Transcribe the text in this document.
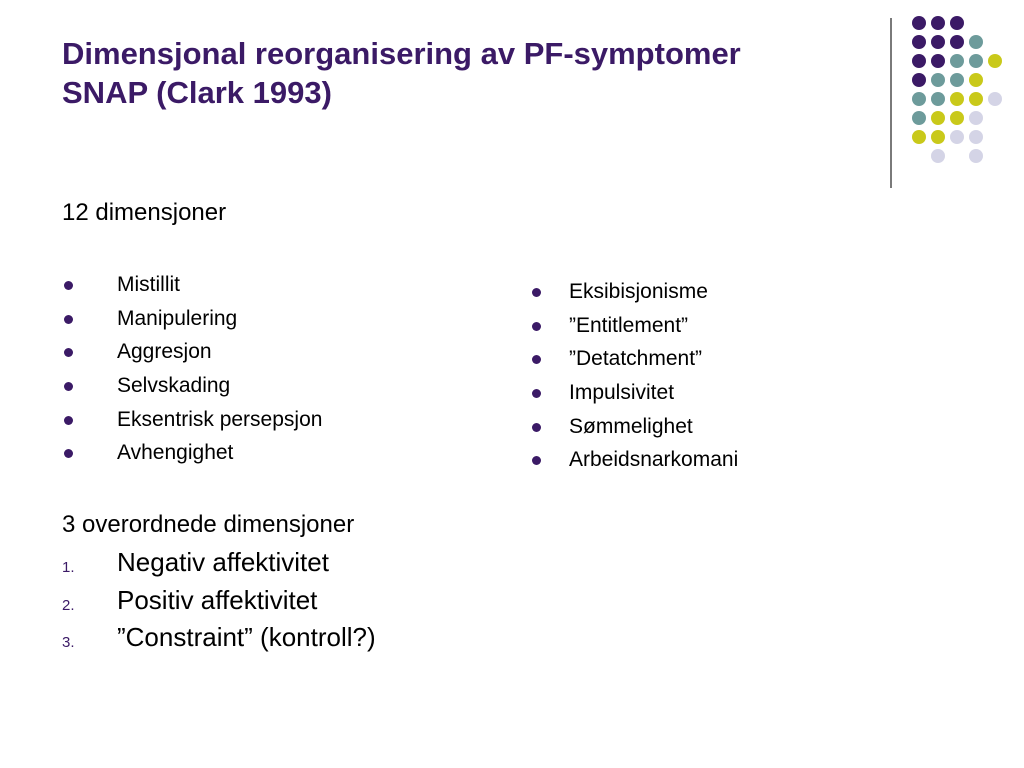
Dimensjonal reorganisering av PF-symptomer
SNAP (Clark 1993)

12 dimensjoner

Mistillit
Manipulering
Aggresjon
Selvskading
Eksentrisk persepsjon
Avhengighet
Eksibisjonisme
”Entitlement”
”Detatchment”
Impulsivitet
Sømmelighet
Arbeidsnarkomani

3 overordnede dimensjoner

1. Negativ affektivitet
2. Positiv affektivitet
3. ”Constraint” (kontroll?)
